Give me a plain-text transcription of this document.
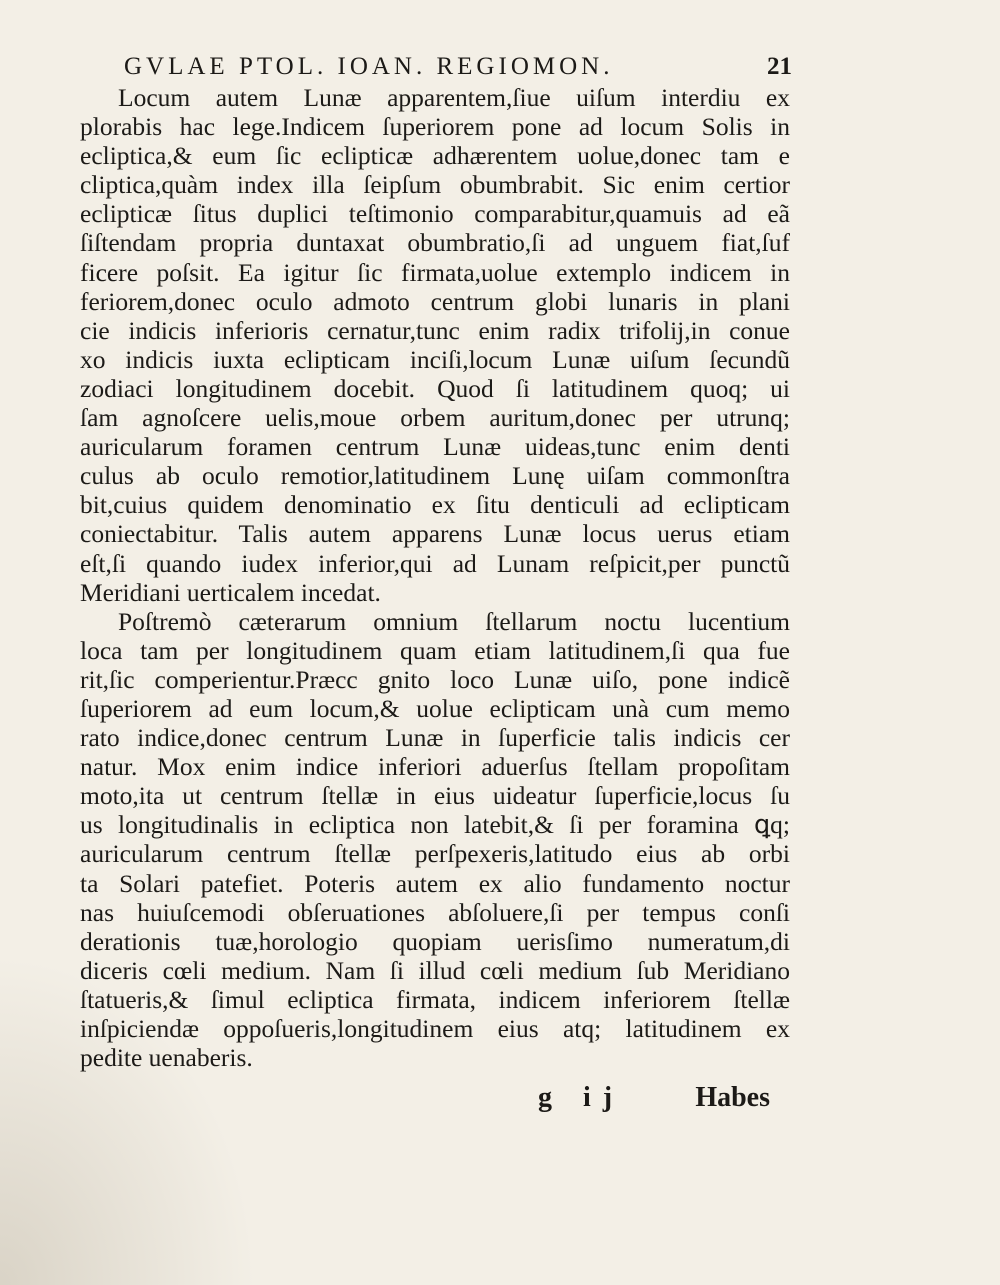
GVLAE PTOL. IOAN. REGIOMON.	21
Locum autem Lunæ apparentem,ſiue uiſum interdiu ex
plorabis hac lege.Indicem ſuperiorem pone ad locum Solis in
ecliptica,& eum ſic eclipticæ adhærentem uolue,donec tam e
cliptica,quàm index illa ſeipſum obumbrabit. Sic enim certior
eclipticæ ſitus duplici teſtimonio comparabitur,quamuis ad eã
ſiſtendam propria duntaxat obumbratio,ſi ad unguem fiat,ſuf
ficere poſsit. Ea igitur ſic firmata,uolue extemplo indicem in
feriorem,donec oculo admoto centrum globi lunaris in plani
cie indicis inferioris cernatur,tunc enim radix trifolij,in conue
xo indicis iuxta eclipticam inciſi,locum Lunæ uiſum ſecundũ
zodiaci longitudinem docebit. Quod ſi latitudinem quoq; ui
ſam agnoſcere uelis,moue orbem auritum,donec per utrunq;
auricularum foramen centrum Lunæ uideas,tunc enim denti
culus ab oculo remotior,latitudinem Lunę uiſam commonſtra
bit,cuius quidem denominatio ex ſitu denticuli ad eclipticam
coniectabitur. Talis autem apparens Lunæ locus uerus etiam
eſt,ſi quando iudex inferior,qui ad Lunam reſpicit,per punctũ
Meridiani uerticalem incedat.
Poſtremò cæterarum omnium ſtellarum noctu lucentium
loca tam per longitudinem quam etiam latitudinem,ſi qua fue
rit,ſic comperientur.Præcc gnito loco Lunæ uiſo, pone indicẽ
ſuperiorem ad eum locum,& uolue eclipticam unà cum memo
rato indice,donec centrum Lunæ in ſuperficie talis indicis cer
natur. Mox enim indice inferiori aduerſus ſtellam propoſitam
moto,ita ut centrum ſtellæ in eius uideatur ſuperficie,locus ſu
us longitudinalis in ecliptica non latebit,& ſi per foramina ꝗq;
auricularum centrum ſtellæ perſpexeris,latitudo eius ab orbi
ta Solari patefiet. Poteris autem ex alio fundamento noctur
nas huiuſcemodi obſeruationes abſoluere,ſi per tempus conſi
derationis tuæ,horologio quopiam uerisſimo numeratum,di
diceris cœli medium. Nam ſi illud cœli medium ſub Meridiano
ſtatueris,& ſimul ecliptica firmata, indicem inferiorem ſtellæ
inſpiciendæ oppoſueris,longitudinem eius atq; latitudinem ex
pedite uenaberis.
g ij	Habes
